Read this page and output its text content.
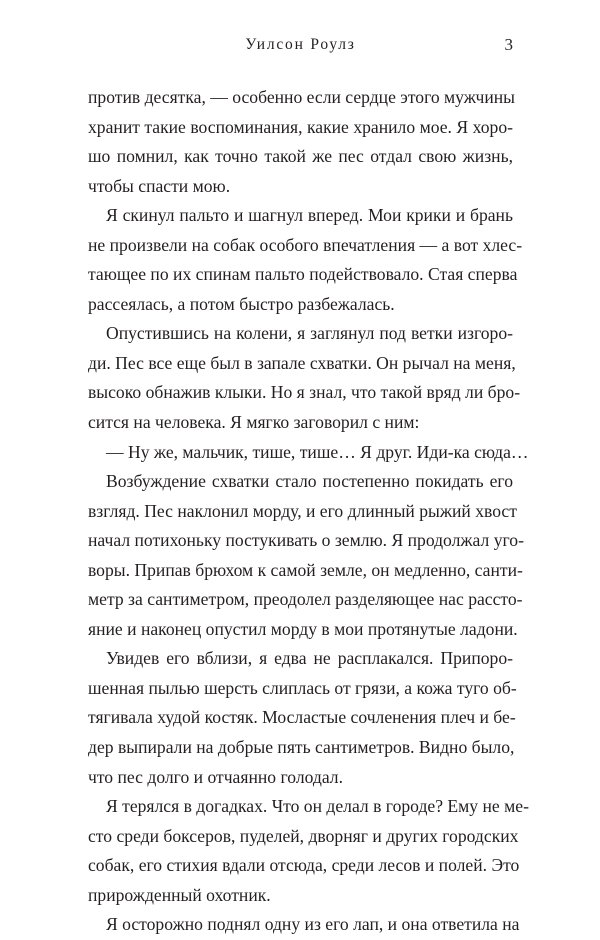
Уилсон Роулз	3
против десятка, — особенно если сердце этого мужчины
хранит такие воспоминания, какие хранило мое. Я хоро-
шо помнил, как точно такой же пес отдал свою жизнь,
чтобы спасти мою.
Я скинул пальто и шагнул вперед. Мои крики и брань
не произвели на собак особого впечатления — а вот хлес-
тающее по их спинам пальто подействовало. Стая сперва
рассеялась, а потом быстро разбежалась.
Опустившись на колени, я заглянул под ветки изгоро-
ди. Пес все еще был в запале схватки. Он рычал на меня,
высоко обнажив клыки. Но я знал, что такой вряд ли бро-
сится на человека. Я мягко заговорил с ним:
— Ну же, мальчик, тише, тише… Я друг. Иди-ка сюда…
Возбуждение схватки стало постепенно покидать его
взгляд. Пес наклонил морду, и его длинный рыжий хвост
начал потихоньку постукивать о землю. Я продолжал уго-
воры. Припав брюхом к самой земле, он медленно, санти-
метр за сантиметром, преодолел разделяющее нас рассто-
яние и наконец опустил морду в мои протянутые ладони.
Увидев его вблизи, я едва не расплакался. Припоро-
шенная пылью шерсть слиплась от грязи, а кожа туго об-
тягивала худой костяк. Мосластые сочленения плеч и бе-
дер выпирали на добрые пять сантиметров. Видно было,
что пес долго и отчаянно голодал.
Я терялся в догадках. Что он делал в городе? Ему не ме-
сто среди боксеров, пуделей, дворняг и других городских
собак, его стихия вдали отсюда, среди лесов и полей. Это
прирожденный охотник.
Я осторожно поднял одну из его лап, и она ответила на
